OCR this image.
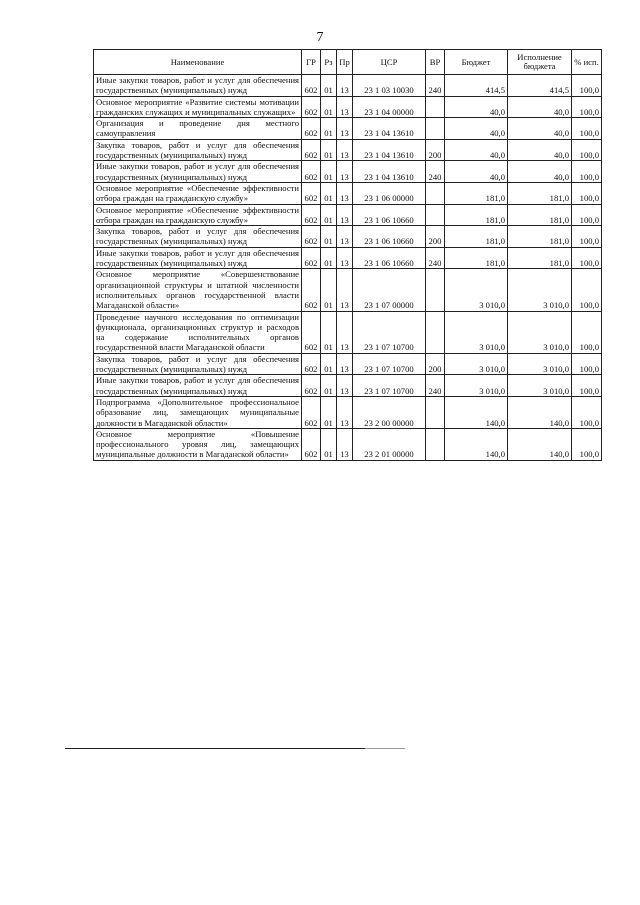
7
Наименование	ГР	Рз	Пр	ЦСР	ВР	Бюджет	Исполнение бюджета	% исп.
Иные закупки товаров, работ и услуг для обеспечения государственных (муниципальных) нужд	602	01	13	23 1 03 10030	240	414,5	414,5	100,0
Основное мероприятие «Развитие системы мотивации гражданских служащих и муниципальных служащих»	602	01	13	23 1 04 00000		40,0	40,0	100,0
Организация и проведение дня местного самоуправления	602	01	13	23 1 04 13610		40,0	40,0	100,0
Закупка товаров, работ и услуг для обеспечения государственных (муниципальных) нужд	602	01	13	23 1 04 13610	200	40,0	40,0	100,0
Иные закупки товаров, работ и услуг для обеспечения государственных (муниципальных) нужд	602	01	13	23 1 04 13610	240	40,0	40,0	100,0
Основное мероприятие «Обеспечение эффективности отбора граждан на гражданскую службу»	602	01	13	23 1 06 00000		181,0	181,0	100,0
Основное мероприятие «Обеспечение эффективности отбора граждан на гражданскую службу»	602	01	13	23 1 06 10660		181,0	181,0	100,0
Закупка товаров, работ и услуг для обеспечения государственных (муниципальных) нужд	602	01	13	23 1 06 10660	200	181,0	181,0	100,0
Иные закупки товаров, работ и услуг для обеспечения государственных (муниципальных) нужд	602	01	13	23 1 06 10660	240	181,0	181,0	100,0
Основное мероприятие «Совершенствование организационной структуры и штатной численности исполнительных органов государственной власти Магаданской области»	602	01	13	23 1 07 00000		3 010,0	3 010,0	100,0
Проведение научного исследования по оптимизации функционала, организационных структур и расходов на содержание исполнительных органов государственной власти Магаданской области	602	01	13	23 1 07 10700		3 010,0	3 010,0	100,0
Закупка товаров, работ и услуг для обеспечения государственных (муниципальных) нужд	602	01	13	23 1 07 10700	200	3 010,0	3 010,0	100,0
Иные закупки товаров, работ и услуг для обеспечения государственных (муниципальных) нужд	602	01	13	23 1 07 10700	240	3 010,0	3 010,0	100,0
Подпрограмма «Дополнительное профессиональное образование лиц, замещающих муниципальные должности в Магаданской области»	602	01	13	23 2 00 00000		140,0	140,0	100,0
Основное мероприятие «Повышение профессионального уровня лиц, замещающих муниципальные должности в Магаданской области»	602	01	13	23 2 01 00000		140,0	140,0	100,0
